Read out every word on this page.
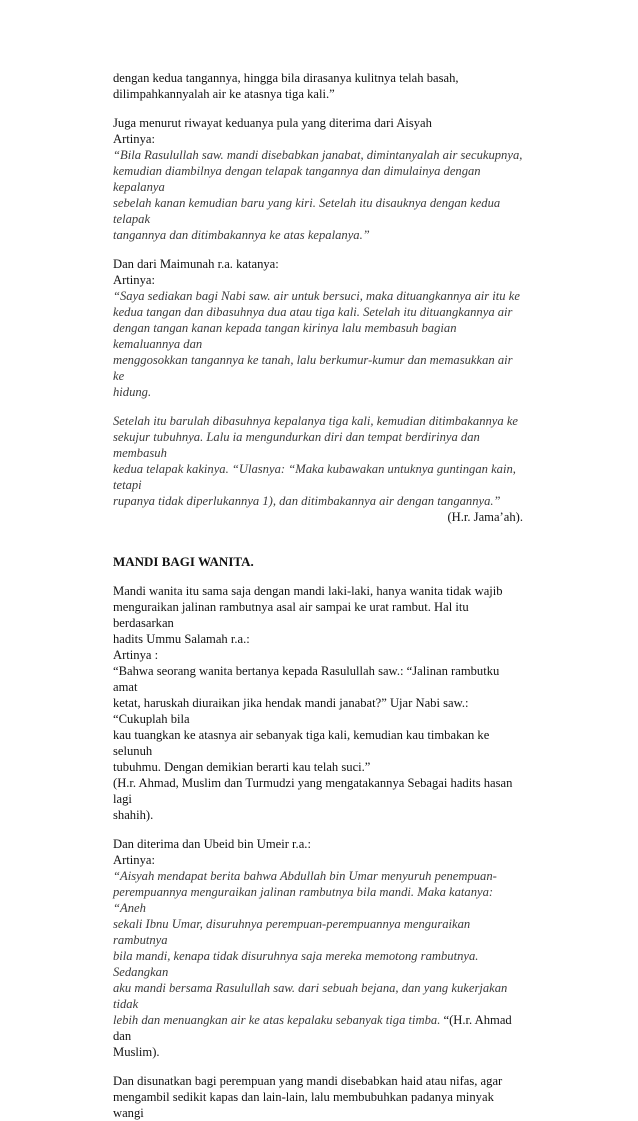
dengan kedua tangannya, hingga bila dirasanya kulitnya telah basah,

dilimpahkannyalah air ke atasnya tiga kali.”

Juga menurut riwayat keduanya pula yang diterima dari Aisyah

Artinya:

“Bila Rasulullah saw. mandi disebabkan janabat, dimintanyalah air secukupnya,

kemudian diambilnya dengan telapak tangannya dan dimulainya dengan kepalanya

sebelah kanan kemudian baru yang kiri. Setelah itu disauknya dengan kedua telapak

tangannya dan ditimbakannya ke atas kepalanya.”

Dan dari Maimunah r.a. katanya:

Artinya:

“Saya sediakan bagi Nabi saw. air untuk bersuci, maka dituangkannya air itu ke

kedua tangan dan dibasuhnya dua atau tiga kali. Setelah itu dituangkannya air

dengan tangan kanan kepada tangan kirinya lalu membasuh bagian kemaluannya dan

menggosokkan tangannya ke tanah, lalu berkumur-kumur dan memasukkan air ke

hidung.

Setelah itu barulah dibasuhnya kepalanya tiga kali, kemudian ditimbakannya ke

sekujur tubuhnya. Lalu ia mengundurkan diri dan tempat berdirinya dan membasuh

kedua telapak kakinya. “Ulasnya: “Maka kubawakan untuknya guntingan kain, tetapi

rupanya tidak diperlukannya 1), dan ditimbakannya air dengan tangannya.”

(H.r. Jama’ah).

MANDI BAGI WANITA.

Mandi wanita itu sama saja dengan mandi laki-laki, hanya wanita tidak wajib

menguraikan jalinan rambutnya asal air sampai ke urat rambut. Hal itu berdasarkan

hadits Ummu Salamah r.a.:

Artinya :

“Bahwa seorang wanita bertanya kepada Rasulullah saw.: “Jalinan rambutku amat

ketat, haruskah diuraikan jika hendak mandi janabat?” Ujar Nabi saw.: “Cukuplah bila

kau tuangkan ke atasnya air sebanyak tiga kali, kemudian kau timbakan ke selunuh

tubuhmu. Dengan demikian berarti kau telah suci.”

(H.r. Ahmad, Muslim dan Turmudzi yang mengatakannya Sebagai hadits hasan lagi

shahih).

Dan diterima dan Ubeid bin Umeir r.a.:

Artinya:

“Aisyah mendapat berita bahwa Abdullah bin Umar menyuruh penempuan-

perempuannya menguraikan jalinan rambutnya bila mandi. Maka katanya: “Aneh

sekali Ibnu Umar, disuruhnya perempuan-perempuannya menguraikan rambutnya

bila mandi, kenapa tidak disuruhnya saja mereka memotong rambutnya. Sedangkan

aku mandi bersama Rasulullah saw. dari sebuah bejana, dan yang kukerjakan tidak

lebih dan menuangkan air ke atas kepalaku sebanyak tiga timba. “(H.r. Ahmad dan

Muslim).

Dan disunatkan bagi perempuan yang mandi disebabkan haid atau nifas, agar

mengambil sedikit kapas dan lain-lain, lalu membubuhkan padanya minyak wangi
